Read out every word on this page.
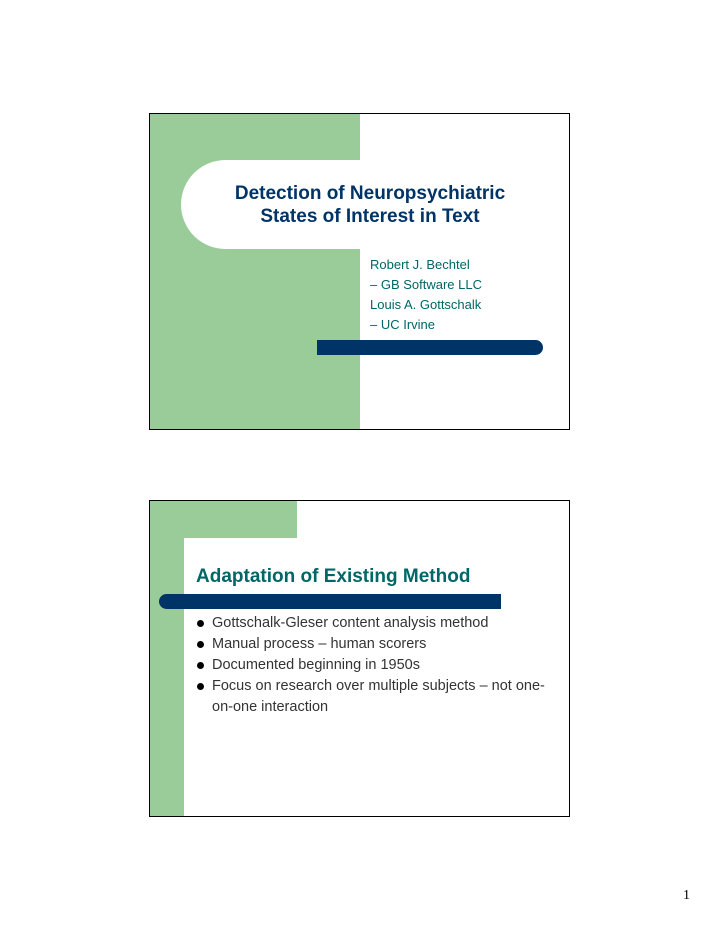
Detection of Neuropsychiatric
States of Interest in Text
Robert J. Bechtel
– GB Software LLC
Louis A. Gottschalk
– UC Irvine
Adaptation of Existing Method
Gottschalk-Gleser content analysis method
Manual process – human scorers
Documented beginning in 1950s
Focus on research over multiple subjects – not one-on-one interaction
1
